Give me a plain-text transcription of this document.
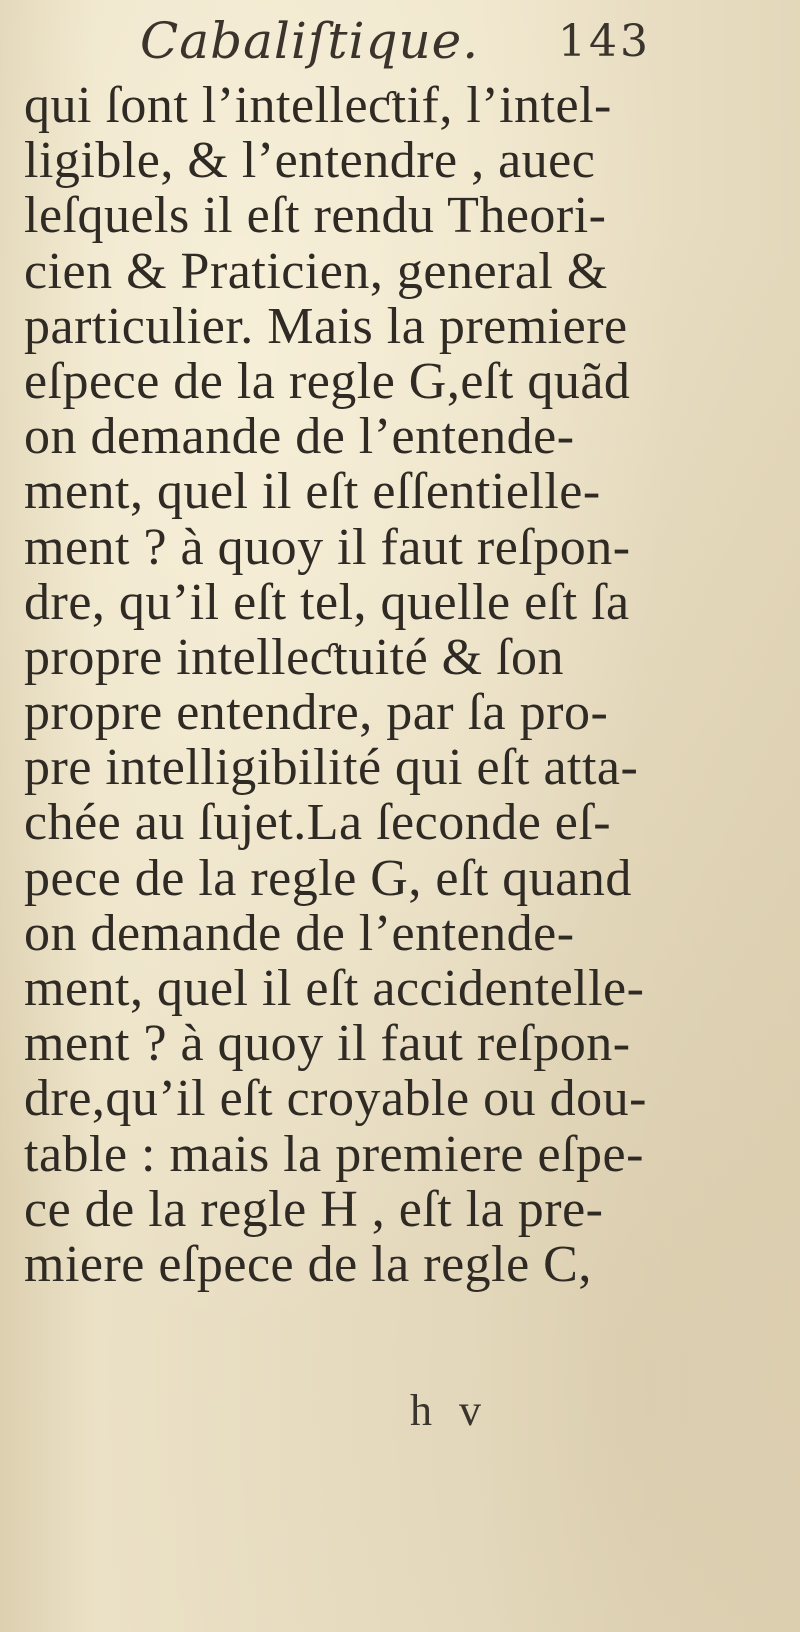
Cabaliſtique. 143
qui ſont l’intelleƈtif, l’intel-
ligible, & l’entendre , auec
leſquels il eſt rendu Theori-
cien & Praticien, general &
particulier. Mais la premiere
eſpece de la regle G,eſt quãd
on demande de l’entende-
ment, quel il eſt eſſentielle-
ment ? à quoy il faut reſpon-
dre, qu’il eſt tel, quelle eſt ſa
propre intelleƈtuité & ſon
propre entendre, par ſa pro-
pre intelligibilité qui eſt atta-
chée au ſujet.La ſeconde eſ-
pece de la regle G, eſt quand
on demande de l’entende-
ment, quel il eſt accidentelle-
ment ? à quoy il faut reſpon-
dre,qu’il eſt croyable ou dou-
table : mais la premiere eſpe-
ce de la regle H , eſt la pre-
miere eſpece de la regle C,
h v
